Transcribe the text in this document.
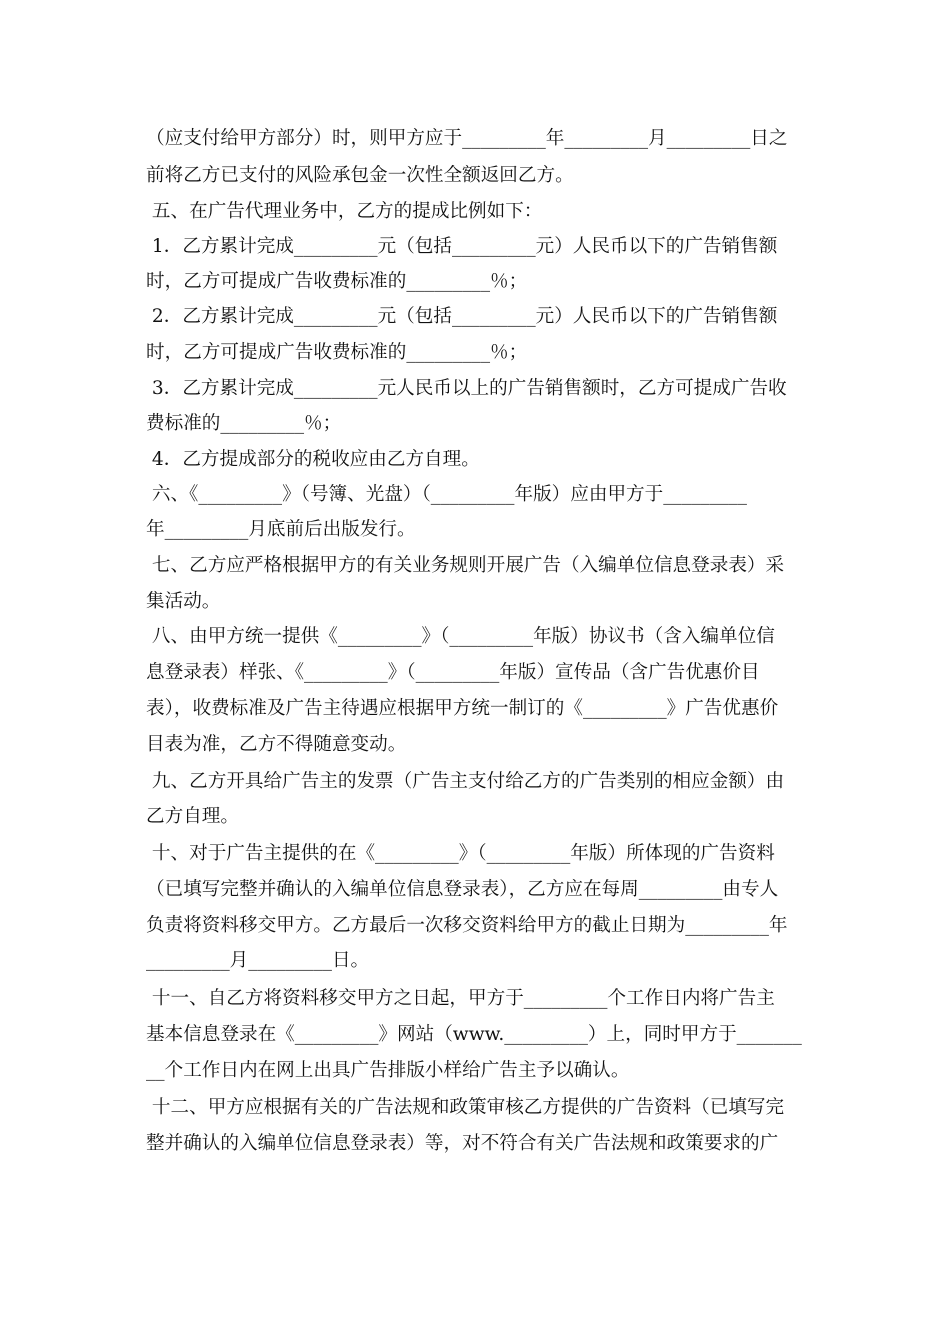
（应支付给甲方部分）时，则甲方应于_________年_________月_________日之
前将乙方已支付的风险承包金一次性全额返回乙方。
五、在广告代理业务中，乙方的提成比例如下：
1．乙方累计完成_________元（包括_________元）人民币以下的广告销售额
时，乙方可提成广告收费标准的_________％；
2．乙方累计完成_________元（包括_________元）人民币以下的广告销售额
时，乙方可提成广告收费标准的_________％；
3．乙方累计完成_________元人民币以上的广告销售额时，乙方可提成广告收
费标准的_________％；
4．乙方提成部分的税收应由乙方自理。
六、《_________》（号簿、光盘）（_________年版）应由甲方于_________
年_________月底前后出版发行。
七、乙方应严格根据甲方的有关业务规则开展广告（入编单位信息登录表）采
集活动。
八、由甲方统一提供《_________》（_________年版）协议书（含入编单位信
息登录表）样张、《_________》（_________年版）宣传品（含广告优惠价目
表），收费标准及广告主待遇应根据甲方统一制订的《_________》广告优惠价
目表为准，乙方不得随意变动。
九、乙方开具给广告主的发票（广告主支付给乙方的广告类别的相应金额）由
乙方自理。
十、对于广告主提供的在《_________》（_________年版）所体现的广告资料
（已填写完整并确认的入编单位信息登录表），乙方应在每周_________由专人
负责将资料移交甲方。乙方最后一次移交资料给甲方的截止日期为_________年
_________月_________日。
十一、自乙方将资料移交甲方之日起，甲方于_________个工作日内将广告主
基本信息登录在《_________》网站（www._________）上，同时甲方于_______
__个工作日内在网上出具广告排版小样给广告主予以确认。
十二、甲方应根据有关的广告法规和政策审核乙方提供的广告资料（已填写完
整并确认的入编单位信息登录表）等，对不符合有关广告法规和政策要求的广
